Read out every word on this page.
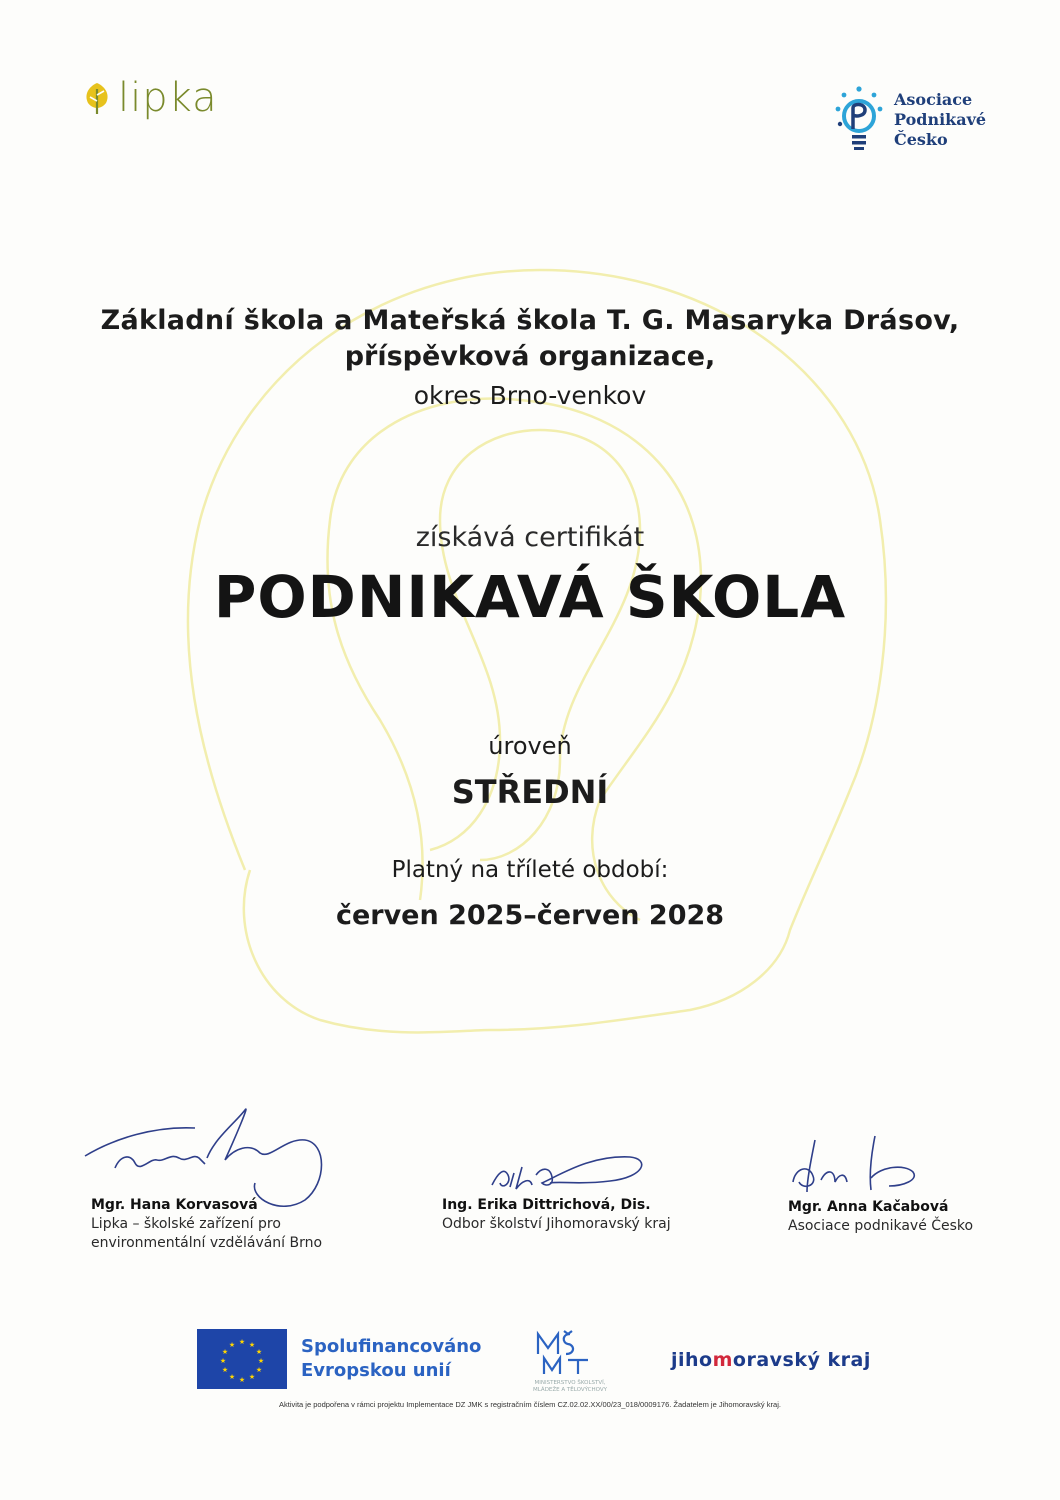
lipka	Asociace
Podnikavé
Česko
Základní škola a Mateřská škola T. G. Masaryka Drásov,
příspěvková organizace,
okres Brno-venkov
získává certifikát
PODNIKAVÁ ŠKOLA
úroveň
STŘEDNÍ
Platný na tříleté období:
červen 2025–červen 2028
Mgr. Hana Korvasová
Lipka – školské zařízení pro
environmentální vzdělávání Brno
Ing. Erika Dittrichová, Dis.
Odbor školství Jihomoravský kraj
Mgr. Anna Kačabová
Asociace podnikavé Česko
★ ★
★
★
★
★
★
★
★
★
★
★	Spolufinancováno
Evropskou unií
MINISTERSTVO ŠKOLSTVÍ,
MLÁDEŽE A TĚLOVÝCHOVY
jihomoravský kraj
Aktivita je podpořena v rámci projektu Implementace DZ JMK s registračním číslem CZ.02.02.XX/00/23_018/0009176. Žadatelem je Jihomoravský kraj.
